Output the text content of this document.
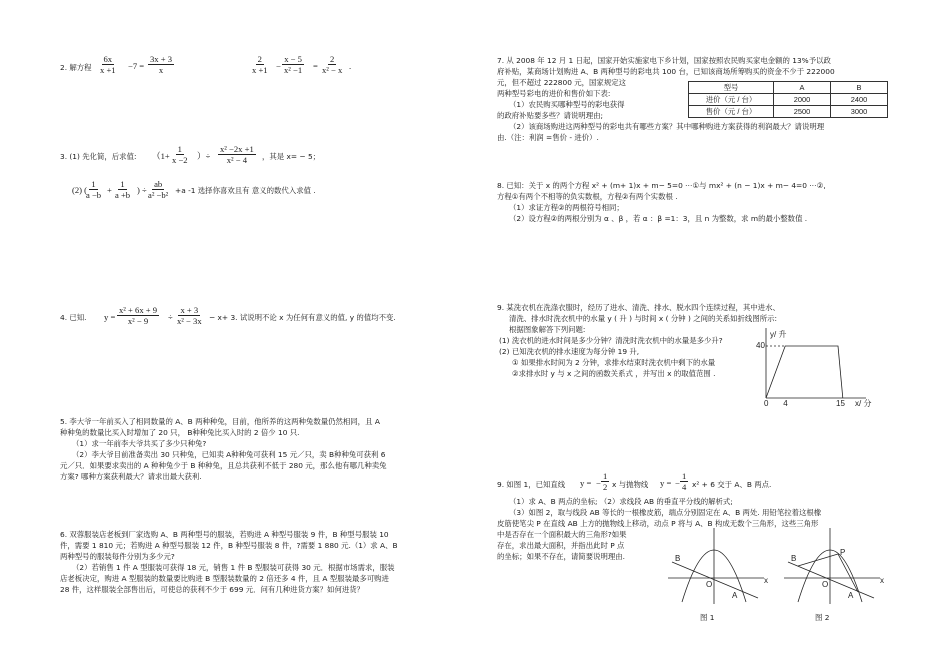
2. 解方程 $\frac{6x}{x +1} -7 = \frac{3x + 3}{x}$	$\frac{2}{x +1} - \frac{x - 5}{\text{x² −1}} = \frac{2}{\text{x² − x}}$ .
3. (1) 先化简，后求值: （$1+ \frac{1}{x -2}$ ）÷ $\frac{\text{x² −2x +1}}{\text{x² − 4}}$ ，其是 x= − 5；
(2) (
$\frac{1}{a -b} + \frac{1}{a +b}$ ) ÷ $\frac{ab}{\text{a² −b²}} +a$ -1 选择你喜欢且有 意义的数代入求值 .
4. 已知. $y = \frac{\text{x² + 6x + 9}}{\text{x² − 9}} \div \frac{x + 3}{\text{x² − 3x}} - x+ 3$. 试说明不论 x 为任何有意义的值, y 的值均不变.
5. 李大爷一年前买入了相同数量的 A、B 两种种兔，目前，他所养的这两种兔数量仍然相同，且 A
种种兔的数量比买入时增加了 20 只， B种种兔比买入时的 2 倍少 10 只.
（1）求一年前李大爷共买了多少只种兔?
（2）李大爷目前准备卖出 30 只种兔，已知卖 A种种兔可获利 15 元／只，卖 B种种兔可获利 6
元／只．如果要求卖出的 A 种种兔少于 B 种种兔，且总共获利不低于 280 元，那么他有哪几种卖兔
方案? 哪种方案获利最大？请求出最大获利.
6. 双蓉服装店老板到厂家选购 A、B 两种型号的服装，若购进 A 种型号服装 9 件，B 种型号服装 10
件，需要 1 810 元；若购进 A 种型号服装 12 件，B 种型号服装 8 件，?需要 1 880 元.（1）求 A、B
两种型号的服装每件分别为多少元?
（2）若销售 1 件 A 型服装可获得 18 元，销售 1 件 B 型服装可获得 30 元．根据市场需求，服装
店老板决定，购进 A 型服装的数量要比购进 B 型服装数量的 2 倍还多 4 件，且 A 型服装最多可购进
28 件，这样服装全部售出后，可使总的获利不少于 699 元．问有几种进货方案？如何进货？
7. 从 2008 年 12 月 1 日起，国家开始实施家电下乡计划，国家按照农民购买家电金额的 13%予以政
府补贴，某商场计划购进 A、B 两种型号的彩电共 100 台，已知该商场所筹购买的资金不少于 222000
元，但不超过 222800 元，国家规定这
两种型号彩电的进价和售价如下表:
（1）农民购买哪种型号的彩电获得
的政府补贴要多些？请说明理由;
（2）该商场购进这两种型号的彩电共有哪些方案？其中哪种购进方案获得的利润最大？请说明理
由.（注：利润 =售价 - 进价）.
型号	A	B
进价（元 / 台）	2000	2400
售价（元 / 台）	2500	3000
8. 已知：关于 x 的两个方程 x² + (m+ 1)x + m− 5=0 ⋯①与 mx² + (n − 1)x + m− 4=0 ⋯②,
方程①有两个不相等的负实数根，方程②有两个实数根 .
（1）求证方程②的两根符号相同；
（2）设方程②的两根分别为 α 、β ，若 α ：β =1：3，且 n 为整数，求 m的最小整数值 .
9. 某洗衣机在洗涤衣服时，经历了进水、清洗、排水、脱水四个连续过程，其中进水、
清洗、排水时洗衣机中的水量 y ( 升 ) 与时间 x ( 分钟 ) 之间的关系如折线图所示:
根据图象解答下列问题:
(1) 洗衣机的进水时间是多少分钟？清洗时洗衣机中的水量是多少升?
(2) 已知洗衣机的排水速度为每分钟 19 升,
① 如果排水时间为 2 分钟，求排水结束时洗衣机中剩下的水量
②求排水时 y 与 x 之间的函数关系式 ，并写出 x 的取值范围 .
y/ 升
x/ 分
0 4	15
40
9. 如图 1，已知直线 y = − $\frac{1}{2}$ x 与抛物线 y = − $\frac{1}{4} x^2 + 6$ 交于 A、B 两点.
（1）求 A、B 两点的坐标; （2）求线段 AB 的垂直平分线的解析式;
（3）如图 2，取与线段 AB 等长的一根橡皮筋，端点分别固定在 A、B 两处. 用铅笔拉着这根橡
皮筋使笔尖 P 在直线 AB 上方的抛物线上移动，动点 P 将与 A、B 构成无数个三角形，这些三角形
中是否存在一个面积最大的三角形?如果
存在，求出最大面积，并指出此时 P 点
的坐标；如果不存在，请简要说明理由.	B
O
A
x
图 1
P
B
O
A
x
图 2
